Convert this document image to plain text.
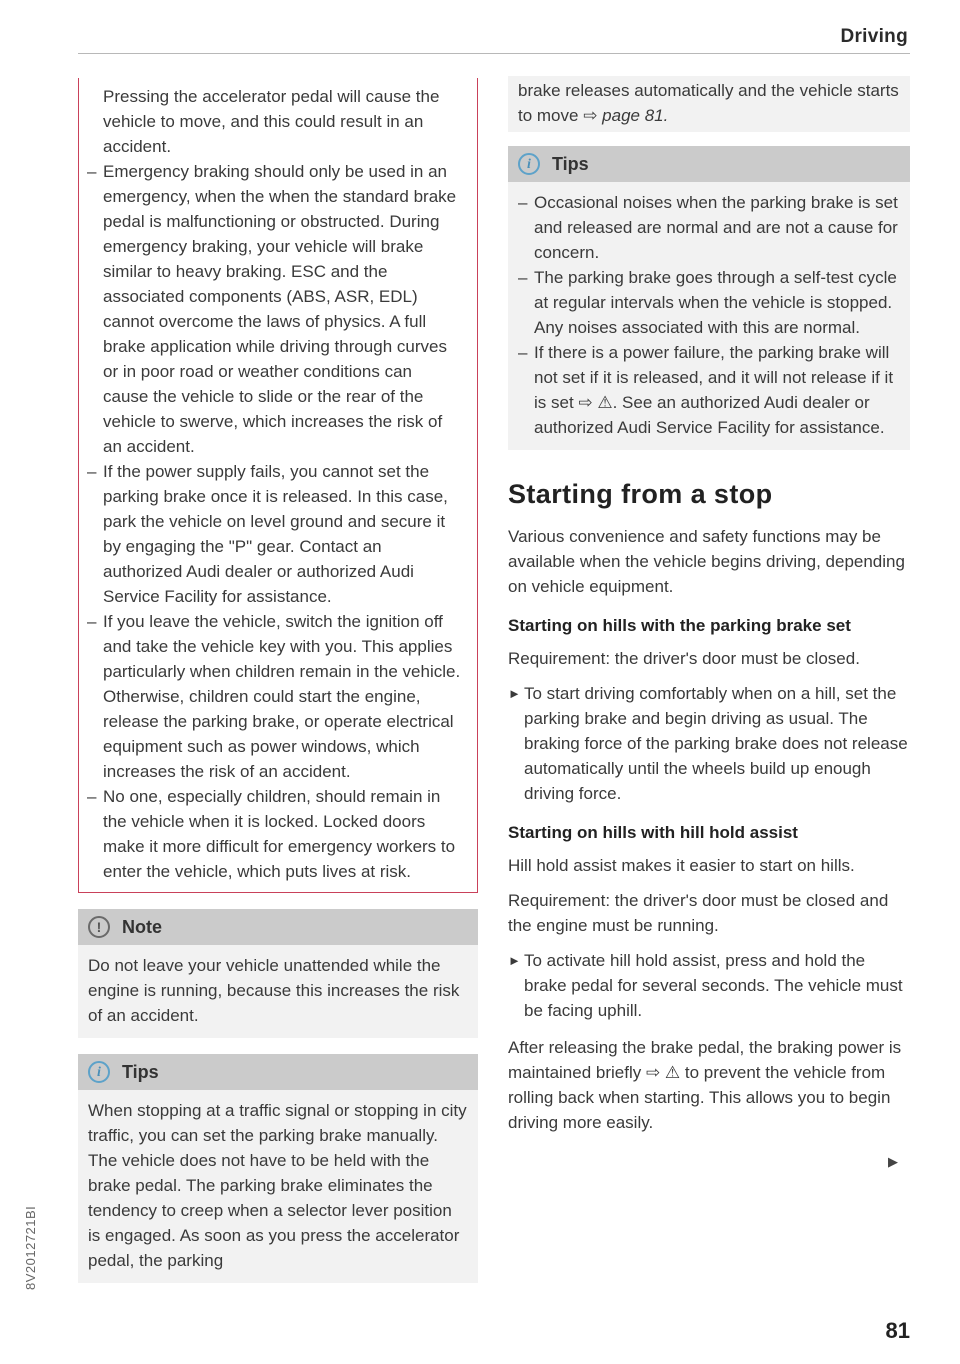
Driving

Pressing the accelerator pedal will cause the vehicle to move, and this could result in an accident.

– Emergency braking should only be used in an emergency, when the when the standard brake pedal is malfunctioning or obstructed. During emergency braking, your vehicle will brake similar to heavy braking. ESC and the associated components (ABS, ASR, EDL) cannot overcome the laws of physics. A full brake application while driving through curves or in poor road or weather conditions can cause the vehicle to slide or the rear of the vehicle to swerve, which increases the risk of an accident.
– If the power supply fails, you cannot set the parking brake once it is released. In this case, park the vehicle on level ground and secure it by engaging the "P" gear. Contact an authorized Audi dealer or authorized Audi Service Facility for assistance.
– If you leave the vehicle, switch the ignition off and take the vehicle key with you. This applies particularly when children remain in the vehicle. Otherwise, children could start the engine, release the parking brake, or operate electrical equipment such as power windows, which increases the risk of an accident.
– No one, especially children, should remain in the vehicle when it is locked. Locked doors make it more difficult for emergency workers to enter the vehicle, which puts lives at risk.
!	Note

Do not leave your vehicle unattended while the engine is running, because this increases the risk of an accident.

i	Tips

When stopping at a traffic signal or stopping in city traffic, you can set the parking brake manually. The vehicle does not have to be held with the brake pedal. The parking brake eliminates the tendency to creep when a selector lever position is engaged. As soon as you press the accelerator pedal, the parking

brake releases automatically and the vehicle starts to move ⇨ page 81.

i	Tips
– Occasional noises when the parking brake is set and released are normal and are not a cause for concern.
– The parking brake goes through a self-test cycle at regular intervals when the vehicle is stopped. Any noises associated with this are normal.
– If there is a power failure, the parking brake will not set if it is released, and it will not release if it is set ⇨ ⚠. See an authorized Audi dealer or authorized Audi Service Facility for assistance.
Starting from a stop

Various convenience and safety functions may be available when the vehicle begins driving, depending on vehicle equipment.

Starting on hills with the parking brake set

Requirement: the driver's door must be closed.

► To start driving comfortably when on a hill, set the parking brake and begin driving as usual. The braking force of the parking brake does not release automatically until the wheels build up enough driving force.
Starting on hills with hill hold assist

Hill hold assist makes it easier to start on hills.

Requirement: the driver's door must be closed and the engine must be running.

► To activate hill hold assist, press and hold the brake pedal for several seconds. The vehicle must be facing uphill.

After releasing the brake pedal, the braking power is maintained briefly ⇨ ⚠ to prevent the vehicle from rolling back when starting. This allows you to begin driving more easily.

▶
81
8V2012721BI
